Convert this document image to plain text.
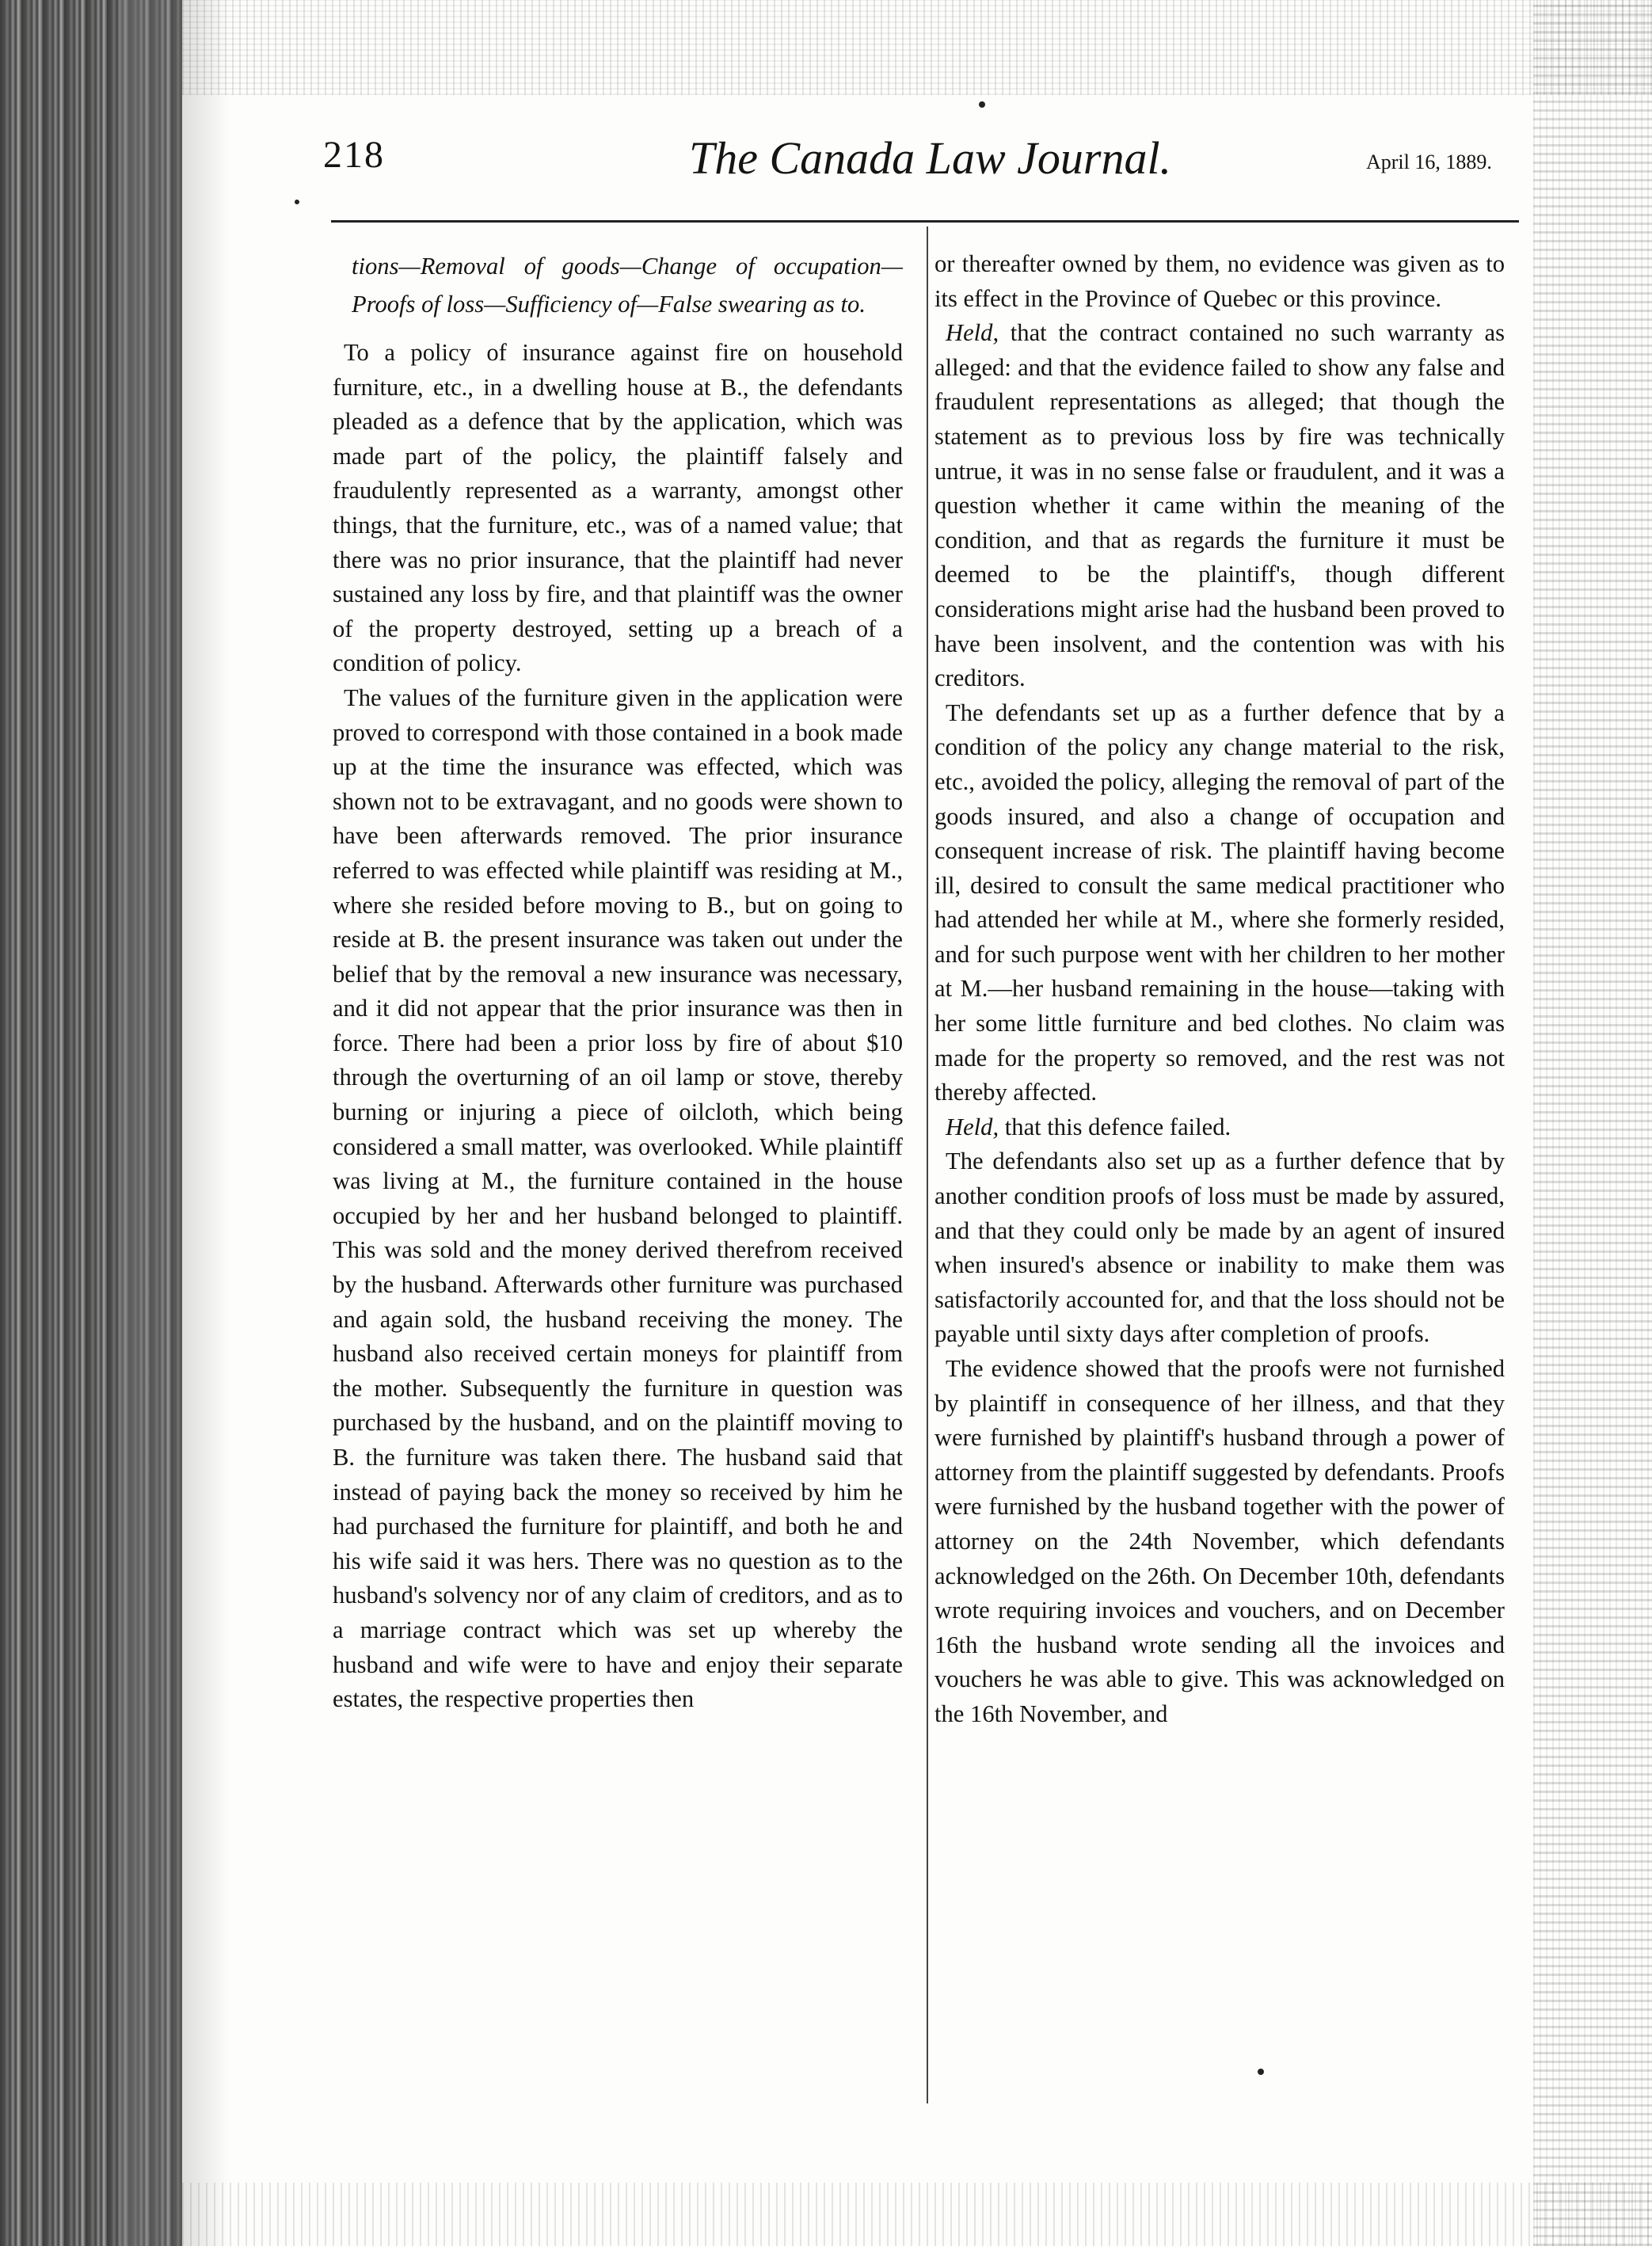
218	The Canada Law Journal.	April 16, 1889.

tions—Removal of goods—Change of occupation—Proofs of loss—Sufficiency of—False swearing as to.

To a policy of insurance against fire on household furniture, etc., in a dwelling house at B., the defendants pleaded as a defence that by the application, which was made part of the policy, the plaintiff falsely and fraudulently represented as a warranty, amongst other things, that the furniture, etc., was of a named value; that there was no prior insurance, that the plaintiff had never sustained any loss by fire, and that plaintiff was the owner of the property destroyed, setting up a breach of a condition of policy.

The values of the furniture given in the application were proved to correspond with those contained in a book made up at the time the insurance was effected, which was shown not to be extravagant, and no goods were shown to have been afterwards removed. The prior insurance referred to was effected while plaintiff was residing at M., where she resided before moving to B., but on going to reside at B. the present insurance was taken out under the belief that by the removal a new insurance was necessary, and it did not appear that the prior insurance was then in force. There had been a prior loss by fire of about $10 through the overturning of an oil lamp or stove, thereby burning or injuring a piece of oilcloth, which being considered a small matter, was overlooked. While plaintiff was living at M., the furniture contained in the house occupied by her and her husband belonged to plaintiff. This was sold and the money derived therefrom received by the husband. Afterwards other furniture was purchased and again sold, the husband receiving the money. The husband also received certain moneys for plaintiff from the mother. Subsequently the furniture in question was purchased by the husband, and on the plaintiff moving to B. the furniture was taken there. The husband said that instead of paying back the money so received by him he had purchased the furniture for plaintiff, and both he and his wife said it was hers. There was no question as to the husband's solvency nor of any claim of creditors, and as to a marriage contract which was set up whereby the husband and wife were to have and enjoy their separate estates, the respective properties then

or thereafter owned by them, no evidence was given as to its effect in the Province of Quebec or this province.

Held, that the contract contained no such warranty as alleged: and that the evidence failed to show any false and fraudulent representations as alleged; that though the statement as to previous loss by fire was technically untrue, it was in no sense false or fraudulent, and it was a question whether it came within the meaning of the condition, and that as regards the furniture it must be deemed to be the plaintiff's, though different considerations might arise had the husband been proved to have been insolvent, and the contention was with his creditors.

The defendants set up as a further defence that by a condition of the policy any change material to the risk, etc., avoided the policy, alleging the removal of part of the goods insured, and also a change of occupation and consequent increase of risk. The plaintiff having become ill, desired to consult the same medical practitioner who had attended her while at M., where she formerly resided, and for such purpose went with her children to her mother at M.—her husband remaining in the house—taking with her some little furniture and bed clothes. No claim was made for the property so removed, and the rest was not thereby affected.

Held, that this defence failed.

The defendants also set up as a further defence that by another condition proofs of loss must be made by assured, and that they could only be made by an agent of insured when insured's absence or inability to make them was satisfactorily accounted for, and that the loss should not be payable until sixty days after completion of proofs.

The evidence showed that the proofs were not furnished by plaintiff in consequence of her illness, and that they were furnished by plaintiff's husband through a power of attorney from the plaintiff suggested by defendants. Proofs were furnished by the husband together with the power of attorney on the 24th November, which defendants acknowledged on the 26th. On December 10th, defendants wrote requiring invoices and vouchers, and on December 16th the husband wrote sending all the invoices and vouchers he was able to give. This was acknowledged on the 16th November, and
